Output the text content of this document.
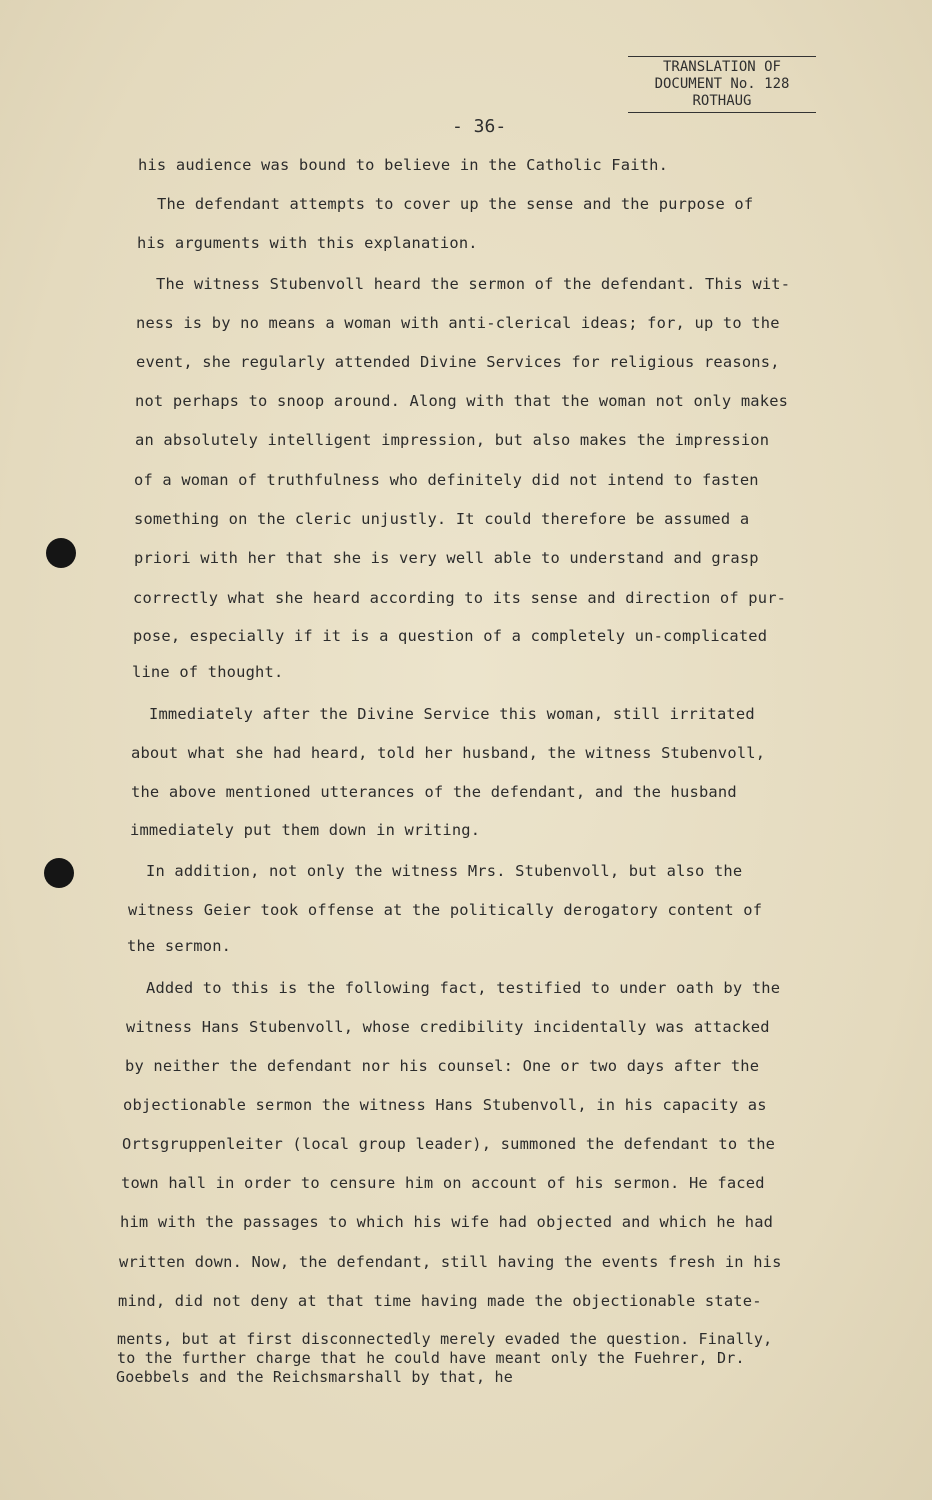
TRANSLATION OF
DOCUMENT No. 128
ROTHAUG
- 36-
his audience was bound to believe in the Catholic Faith.
The defendant attempts to cover up the sense and the purpose of
his arguments with this explanation.
The witness Stubenvoll heard the sermon of the defendant. This wit-
ness is by no means a woman with anti-clerical ideas; for, up to the
event, she regularly attended Divine Services for religious reasons,
not perhaps to snoop around. Along with that the woman not only makes
an absolutely intelligent impression, but also makes the impression
of a woman of truthfulness who definitely did not intend to fasten
something on the cleric unjustly. It could therefore be assumed a
priori with her that she is very well able to understand and grasp
correctly what she heard according to its sense and direction of pur-
pose, especially if it is a question of a completely un-complicated
line of thought.
Immediately after the Divine Service this woman, still irritated
about what she had heard, told her husband, the witness Stubenvoll,
the above mentioned utterances of the defendant, and the husband
immediately put them down in writing.
In addition, not only the witness Mrs. Stubenvoll, but also the
witness Geier took offense at the politically derogatory content of
the sermon.
Added to this is the following fact, testified to under oath by the
witness Hans Stubenvoll, whose credibility incidentally was attacked
by neither the defendant nor his counsel: One or two days after the
objectionable sermon the witness Hans Stubenvoll, in his capacity as
Ortsgruppenleiter (local group leader), summoned the defendant to the
town hall in order to censure him on account of his sermon. He faced
him with the passages to which his wife had objected and which he had
written down. Now, the defendant, still having the events fresh in his
mind, did not deny at that time having made the objectionable state-
ments, but at first disconnectedly merely evaded the question. Finally,
to the further charge that he could have meant only the Fuehrer, Dr.
Goebbels and the Reichsmarshall by that, he
